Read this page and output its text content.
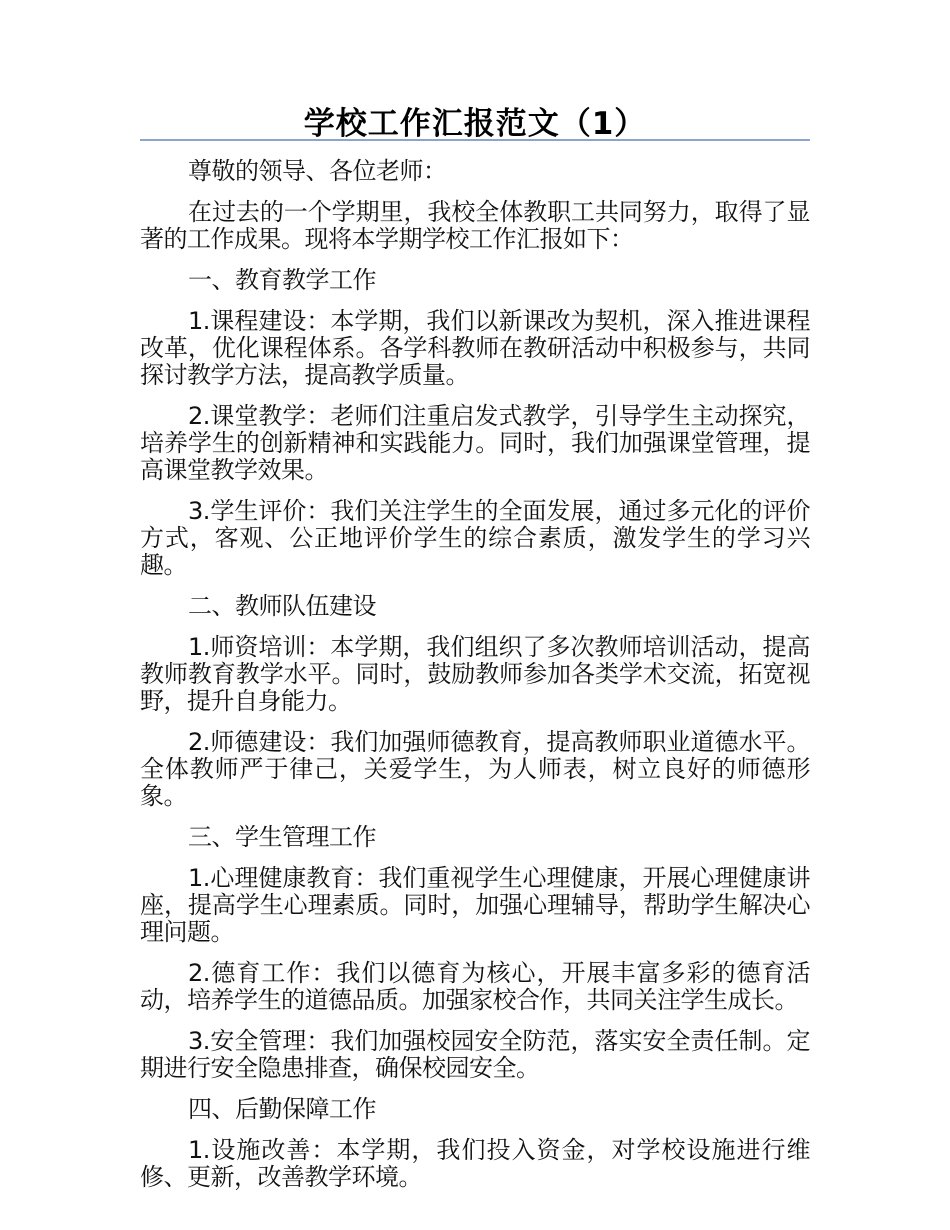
学校工作汇报范文（1）

尊敬的领导、各位老师：

在过去的一个学期里，我校全体教职工共同努力，取得了显著的工作成果。现将本学期学校工作汇报如下：

一、教育教学工作

1.课程建设：本学期，我们以新课改为契机，深入推进课程改革，优化课程体系。各学科教师在教研活动中积极参与，共同探讨教学方法，提高教学质量。

2.课堂教学：老师们注重启发式教学，引导学生主动探究，培养学生的创新精神和实践能力。同时，我们加强课堂管理，提高课堂教学效果。

3.学生评价：我们关注学生的全面发展，通过多元化的评价方式，客观、公正地评价学生的综合素质，激发学生的学习兴趣。

二、教师队伍建设

1.师资培训：本学期，我们组织了多次教师培训活动，提高教师教育教学水平。同时，鼓励教师参加各类学术交流，拓宽视野，提升自身能力。

2.师德建设：我们加强师德教育，提高教师职业道德水平。全体教师严于律己，关爱学生，为人师表，树立良好的师德形象。

三、学生管理工作

1.心理健康教育：我们重视学生心理健康，开展心理健康讲座，提高学生心理素质。同时，加强心理辅导，帮助学生解决心理问题。

2.德育工作：我们以德育为核心，开展丰富多彩的德育活动，培养学生的道德品质。加强家校合作，共同关注学生成长。

3.安全管理：我们加强校园安全防范，落实安全责任制。定期进行安全隐患排查，确保校园安全。

四、后勤保障工作

1.设施改善：本学期，我们投入资金，对学校设施进行维修、更新，改善教学环境。
